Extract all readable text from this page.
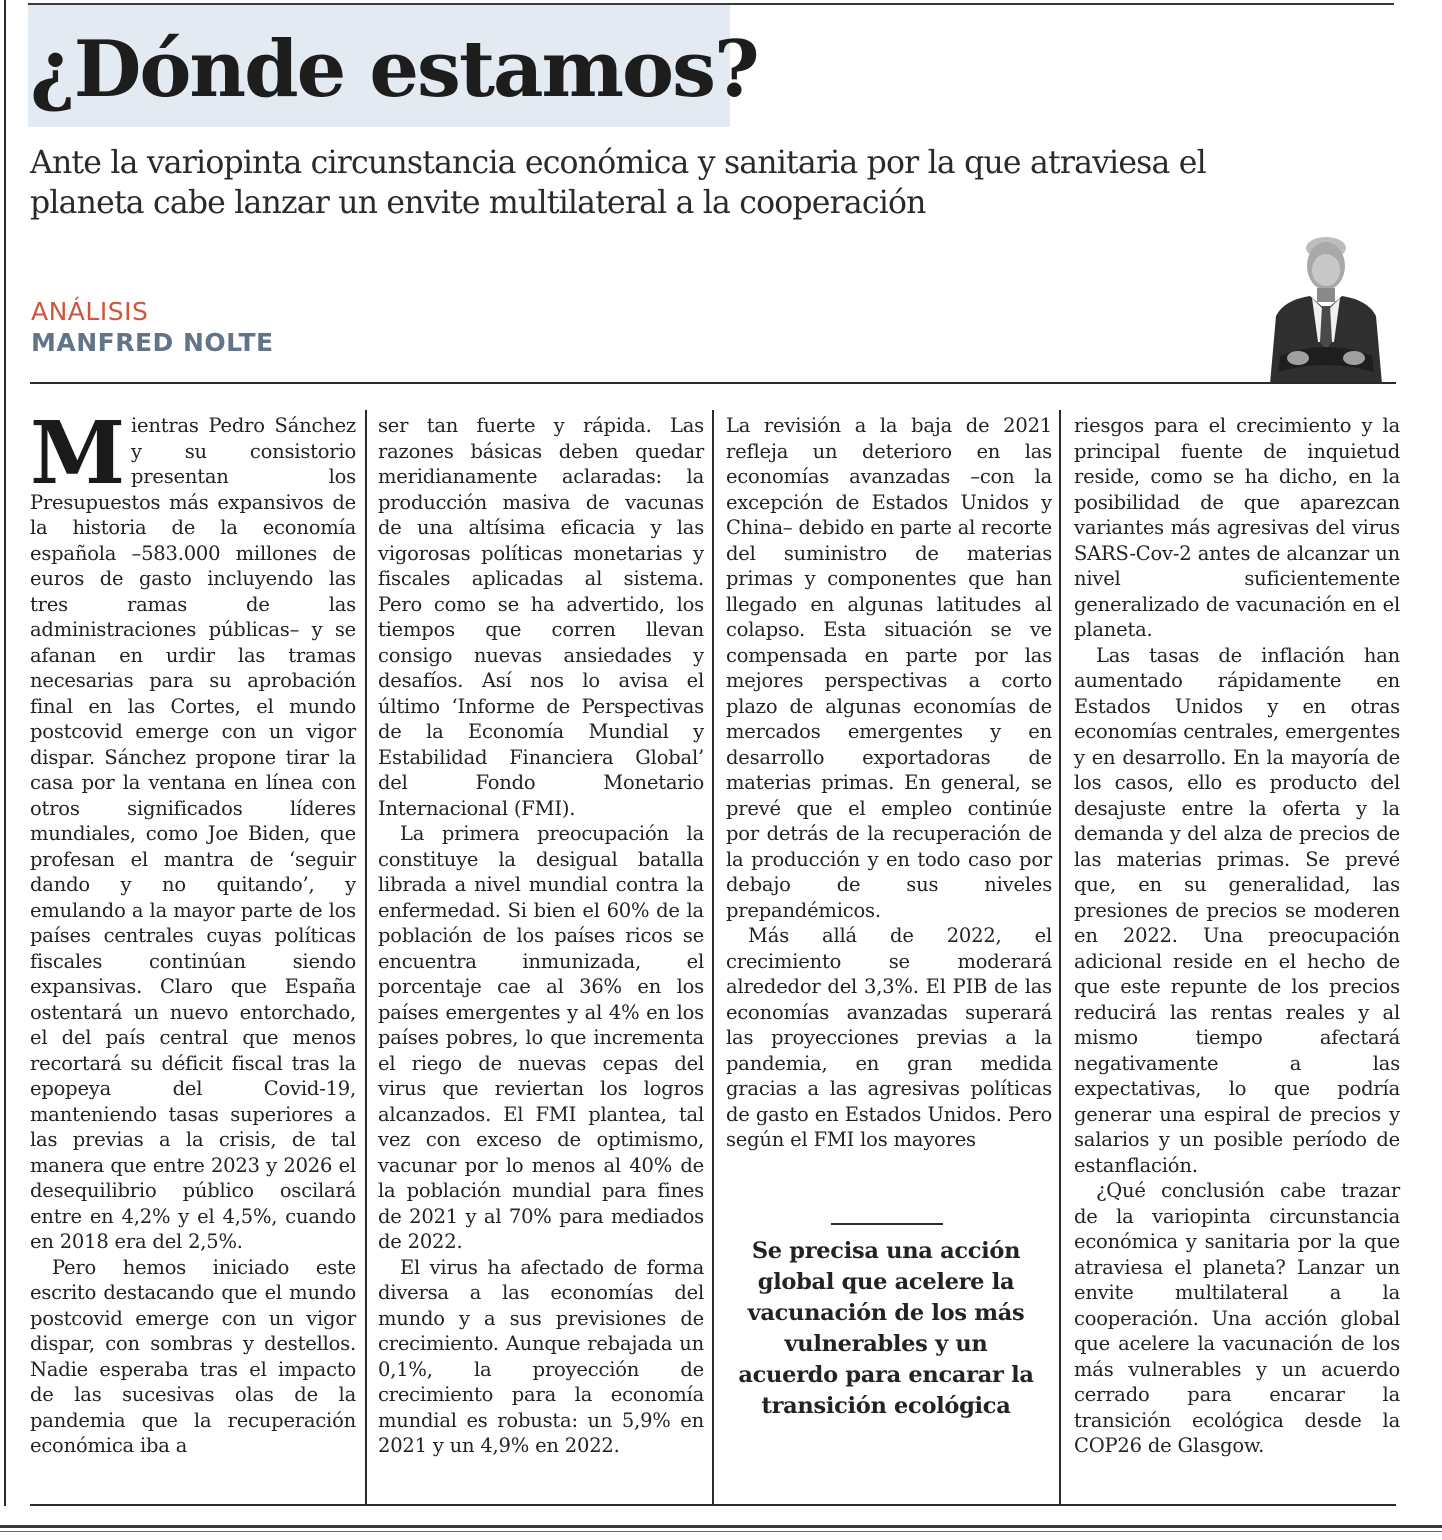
¿Dónde estamos?

Ante la variopinta circunstancia económica y sanitaria por la que atraviesa el planeta cabe lanzar un envite multilateral a la cooperación

ANÁLISIS
MANFRED NOLTE

Mientras Pedro Sánchez y su consistorio presentan los Presupuestos más expansivos de la historia de la economía española –583.000 millones de euros de gasto incluyendo las tres ramas de las administraciones públicas– y se afanan en urdir las tramas necesarias para su aprobación final en las Cortes, el mundo postcovid emerge con un vigor dispar. Sánchez propone tirar la casa por la ventana en línea con otros significados líderes mundiales, como Joe Biden, que profesan el mantra de ‘seguir dando y no quitando’, y emulando a la mayor parte de los países centrales cuyas políticas fiscales continúan siendo expansivas. Claro que España ostentará un nuevo entorchado, el del país central que menos recortará su déficit fiscal tras la epopeya del Covid-19, manteniendo tasas superiores a las previas a la crisis, de tal manera que entre 2023 y 2026 el desequilibrio público oscilará entre en 4,2% y el 4,5%, cuando en 2018 era del 2,5%.

Pero hemos iniciado este escrito destacando que el mundo postcovid emerge con un vigor dispar, con sombras y destellos. Nadie esperaba tras el impacto de las sucesivas olas de la pandemia que la recuperación económica iba a

ser tan fuerte y rápida. Las razones básicas deben quedar meridianamente aclaradas: la producción masiva de vacunas de una altísima eficacia y las vigorosas políticas monetarias y fiscales aplicadas al sistema. Pero como se ha advertido, los tiempos que corren llevan consigo nuevas ansiedades y desafíos. Así nos lo avisa el último ‘Informe de Perspectivas de la Economía Mundial y Estabilidad Financiera Global’ del Fondo Monetario Internacional (FMI).

La primera preocupación la constituye la desigual batalla librada a nivel mundial contra la enfermedad. Si bien el 60% de la población de los países ricos se encuentra inmunizada, el porcentaje cae al 36% en los países emergentes y al 4% en los países pobres, lo que incrementa el riego de nuevas cepas del virus que reviertan los logros alcanzados. El FMI plantea, tal vez con exceso de optimismo, vacunar por lo menos al 40% de la población mundial para fines de 2021 y al 70% para mediados de 2022.

El virus ha afectado de forma diversa a las economías del mundo y a sus previsiones de crecimiento. Aunque rebajada un 0,1%, la proyección de crecimiento para la economía mundial es robusta: un 5,9% en 2021 y un 4,9% en 2022.

La revisión a la baja de 2021 refleja un deterioro en las economías avanzadas –con la excepción de Estados Unidos y China– debido en parte al recorte del suministro de materias primas y componentes que han llegado en algunas latitudes al colapso. Esta situación se ve compensada en parte por las mejores perspectivas a corto plazo de algunas economías de mercados emergentes y en desarrollo exportadoras de materias primas. En general, se prevé que el empleo continúe por detrás de la recuperación de la producción y en todo caso por debajo de sus niveles prepandémicos.

Más allá de 2022, el crecimiento se moderará alrededor del 3,3%. El PIB de las economías avanzadas superará las proyecciones previas a la pandemia, en gran medida gracias a las agresivas políticas de gasto en Estados Unidos. Pero según el FMI los mayores

Se precisa una acción global que acelere la vacunación de los más vulnerables y un acuerdo para encarar la transición ecológica

riesgos para el crecimiento y la principal fuente de inquietud reside, como se ha dicho, en la posibilidad de que aparezcan variantes más agresivas del virus SARS-Cov-2 antes de alcanzar un nivel suficientemente generalizado de vacunación en el planeta.

Las tasas de inflación han aumentado rápidamente en Estados Unidos y en otras economías centrales, emergentes y en desarrollo. En la mayoría de los casos, ello es producto del desajuste entre la oferta y la demanda y del alza de precios de las materias primas. Se prevé que, en su generalidad, las presiones de precios se moderen en 2022. Una preocupación adicional reside en el hecho de que este repunte de los precios reducirá las rentas reales y al mismo tiempo afectará negativamente a las expectativas, lo que podría generar una espiral de precios y salarios y un posible período de estanflación.

¿Qué conclusión cabe trazar de la variopinta circunstancia económica y sanitaria por la que atraviesa el planeta? Lanzar un envite multilateral a la cooperación. Una acción global que acelere la vacunación de los más vulnerables y un acuerdo cerrado para encarar la transición ecológica desde la COP26 de Glasgow.
